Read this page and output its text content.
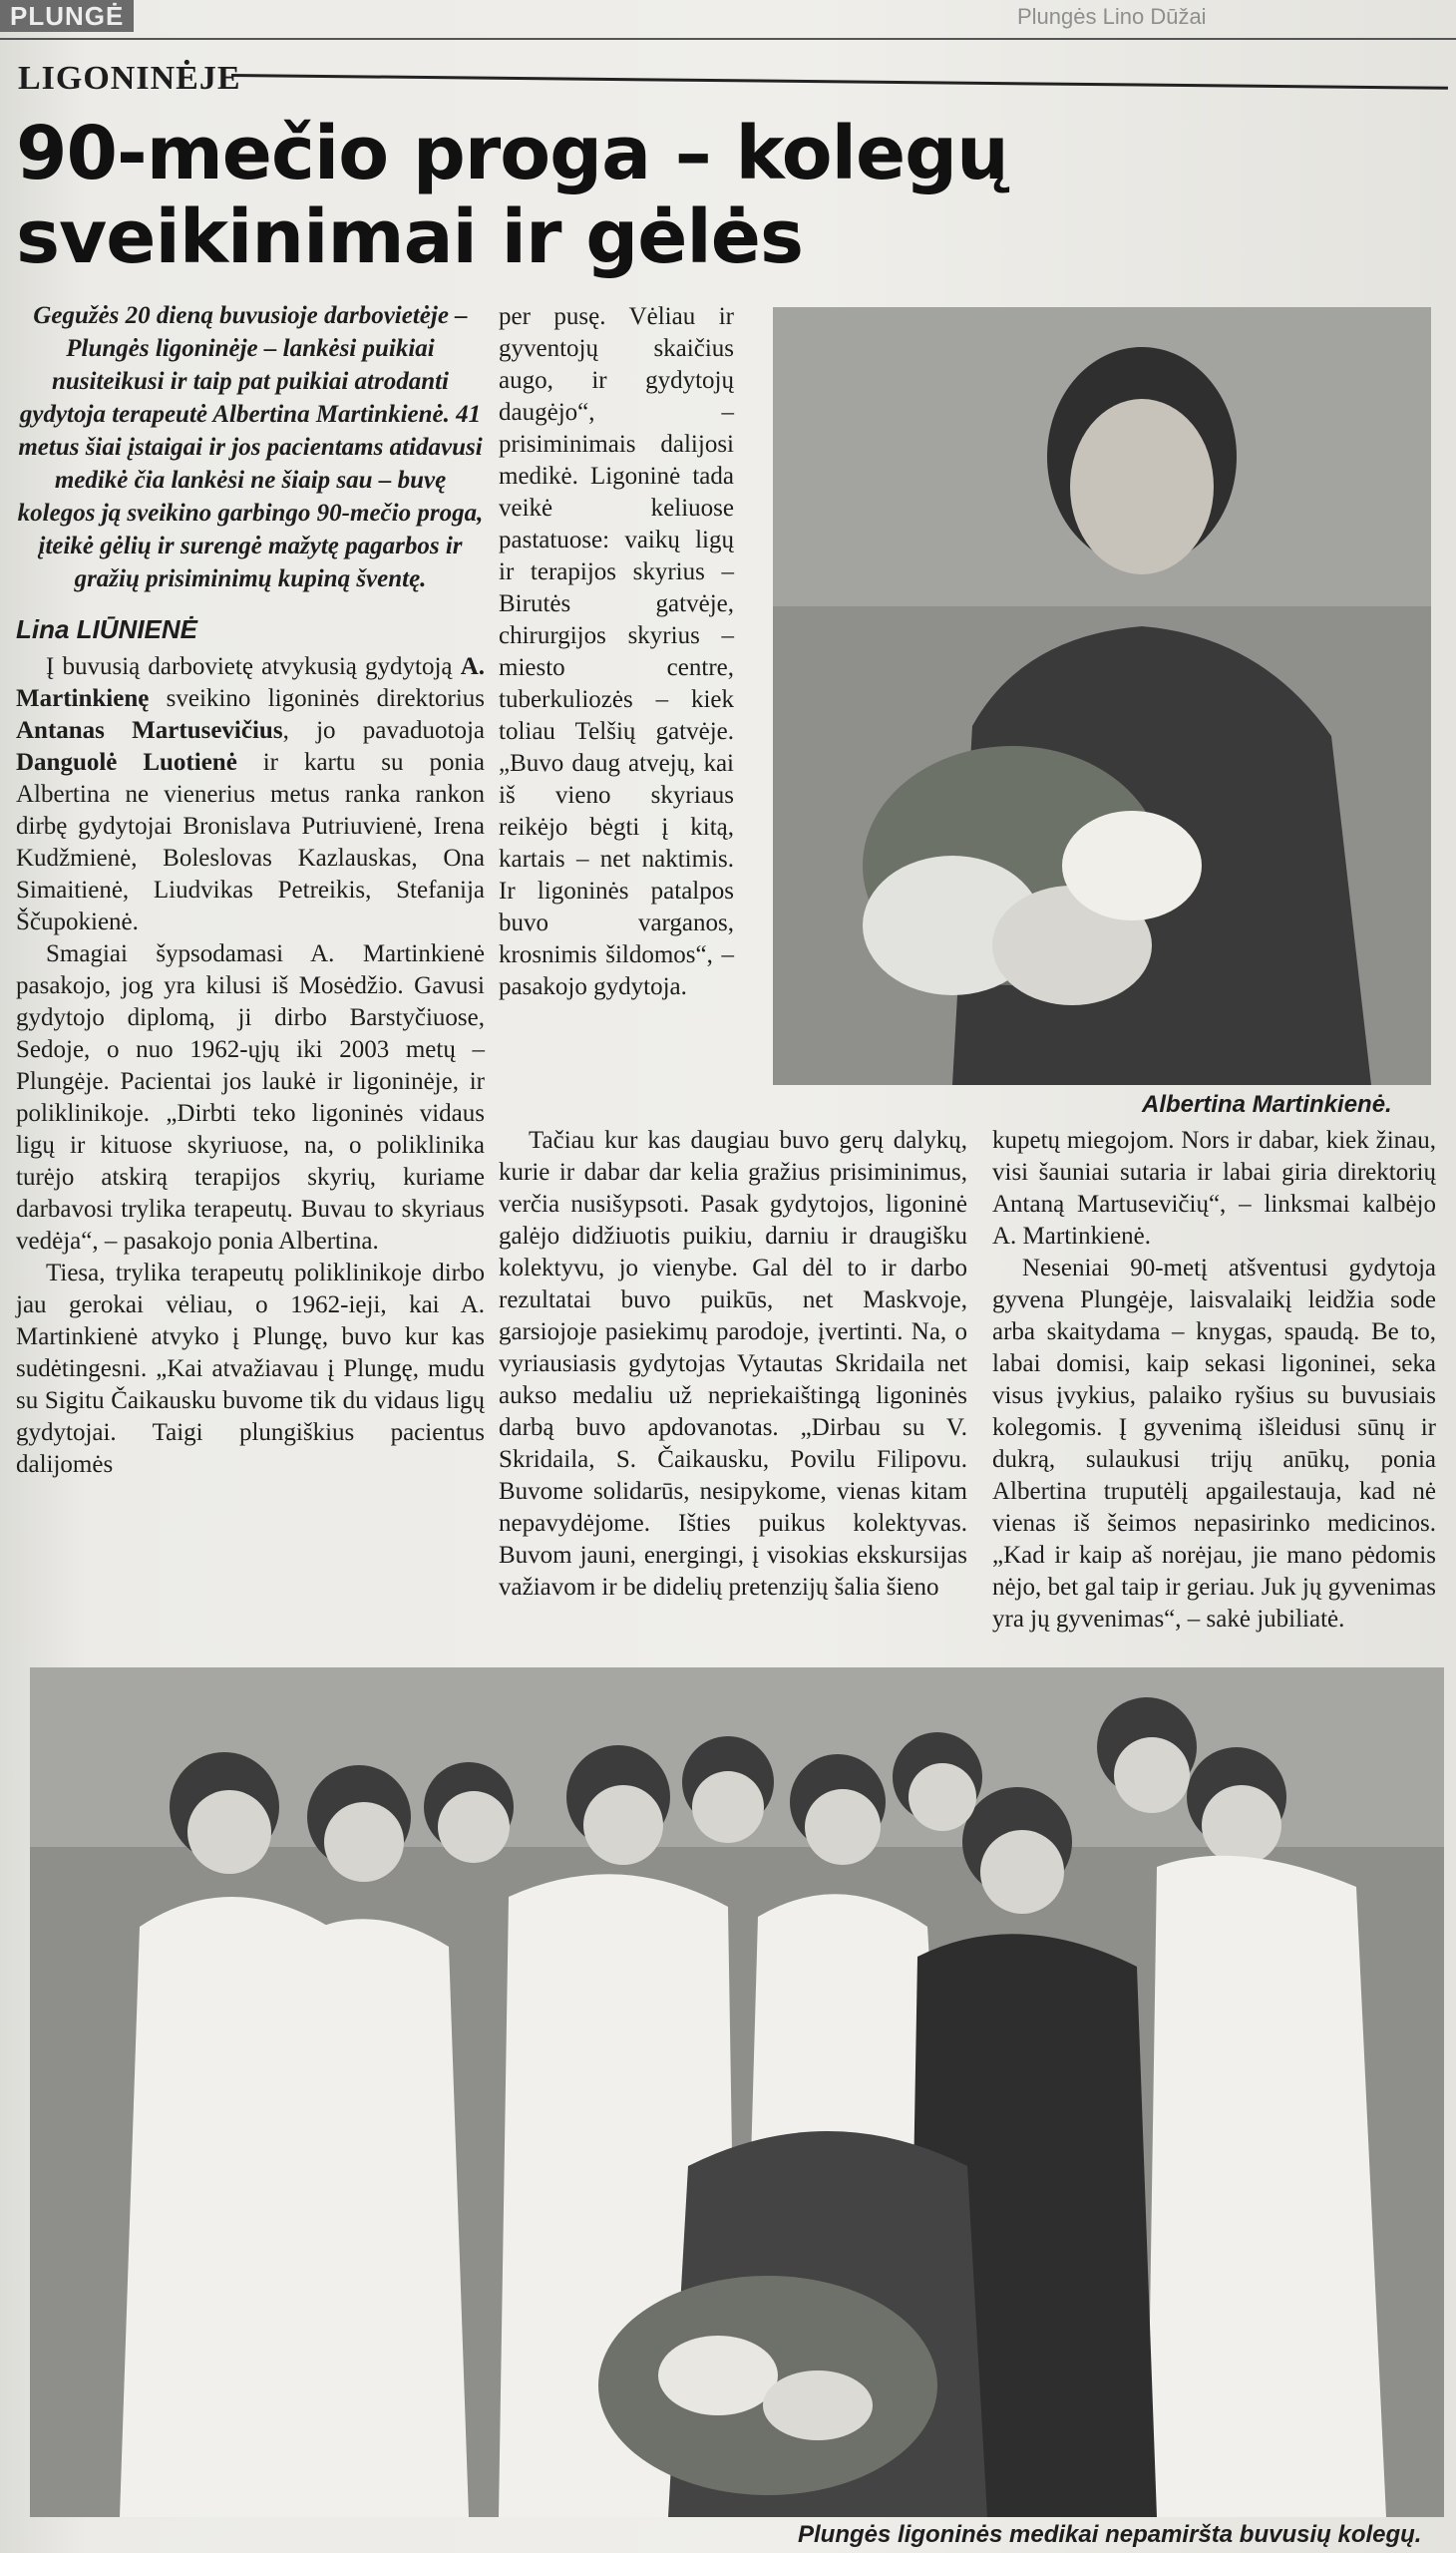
PLUNGĖ	Plungės Lino Dūžai
LIGONINĖJE
90-mečio proga – kolegų
sveikinimai ir gėlės

Gegužės 20 dieną buvusioje darbovietėje – Plungės ligoninėje – lankėsi puikiai nusiteikusi ir taip pat puikiai atrodanti gydytoja terapeutė Albertina Martinkienė. 41 metus šiai įstaigai ir jos pacientams atidavusi medikė čia lankėsi ne šiaip sau – buvę kolegos ją sveikino garbingo 90-mečio proga, įteikė gėlių ir surengė mažytę pagarbos ir gražių prisiminimų kupiną šventę.

Lina LIŪNIENĖ

Į buvusią darbovietę atvykusią gydytoją A. Martinkienę sveikino ligoninės direktorius Antanas Martusevičius, jo pavaduotoja Danguolė Luotienė ir kartu su ponia Albertina ne vienerius metus ranka rankon dirbę gydytojai Bronislava Putriuvienė, Irena Kudžmienė, Boleslovas Kazlauskas, Ona Simaitienė, Liudvikas Petreikis, Stefanija Ščupokienė.

Smagiai šypsodamasi A. Martinkienė pasakojo, jog yra kilusi iš Mosėdžio. Gavusi gydytojo diplomą, ji dirbo Barstyčiuose, Sedoje, o nuo 1962-ųjų iki 2003 metų – Plungėje. Pacientai jos laukė ir ligoninėje, ir poliklinikoje. „Dirbti teko ligoninės vidaus ligų ir kituose skyriuose, na, o poliklinika turėjo atskirą terapijos skyrių, kuriame darbavosi trylika terapeutų. Buvau to skyriaus vedėja“, – pasakojo ponia Albertina.

Tiesa, trylika terapeutų poliklinikoje dirbo jau gerokai vėliau, o 1962-ieji, kai A. Martinkienė atvyko į Plungę, buvo kur kas sudėtingesni. „Kai atvažiavau į Plungę, mudu su Sigitu Čaikausku buvome tik du vidaus ligų gydytojai. Taigi plungiškius pacientus dalijomės

per pusę. Vėliau ir gyventojų skaičius augo, ir gydytojų daugėjo“, – prisiminimais dalijosi medikė. Ligoninė tada veikė keliuose pastatuose: vaikų ligų ir terapijos skyrius – Birutės gatvėje, chirurgijos skyrius – miesto centre, tuberkuliozės – kiek toliau Telšių gatvėje. „Buvo daug atvejų, kai iš vieno skyriaus reikėjo bėgti į kitą, kartais – net naktimis. Ir ligoninės patalpos buvo varganos, krosnimis šildomos“, – pasakojo gydytoja.

Tačiau kur kas daugiau buvo gerų dalykų, kurie ir dabar dar kelia gražius prisiminimus, verčia nusišypsoti. Pasak gydytojos, ligoninė galėjo didžiuotis puikiu, darniu ir draugišku kolektyvu, jo vienybe. Gal dėl to ir darbo rezultatai buvo puikūs, net Maskvoje, garsiojoje pasiekimų parodoje, įvertinti. Na, o vyriausiasis gydytojas Vytautas Skridaila net aukso medaliu už nepriekaištingą ligoninės darbą buvo apdovanotas. „Dirbau su V. Skridaila, S. Čaikausku, Povilu Filipovu. Buvome solidarūs, nesipykome, vienas kitam nepavydėjome. Išties puikus kolektyvas. Buvom jauni, energingi, į visokias ekskursijas važiavom ir be didelių pretenzijų šalia šieno

kupetų miegojom. Nors ir dabar, kiek žinau, visi šauniai sutaria ir labai giria direktorių Antaną Martusevičių“, – linksmai kalbėjo A. Martinkienė.

Neseniai 90-metį atšventusi gydytoja gyvena Plungėje, laisvalaikį leidžia sode arba skaitydama – knygas, spaudą. Be to, labai domisi, kaip sekasi ligoninei, seka visus įvykius, palaiko ryšius su buvusiais kolegomis. Į gyvenimą išleidusi sūnų ir dukrą, sulaukusi trijų anūkų, ponia Albertina truputėlį apgailestauja, kad nė vienas iš šeimos nepasirinko medicinos. „Kad ir kaip aš norėjau, jie mano pėdomis nėjo, bet gal taip ir geriau. Juk jų gyvenimas yra jų gyvenimas“, – sakė jubiliatė.

Albertina Martinkienė.
Plungės ligoninės medikai nepamiršta buvusių kolegų.
